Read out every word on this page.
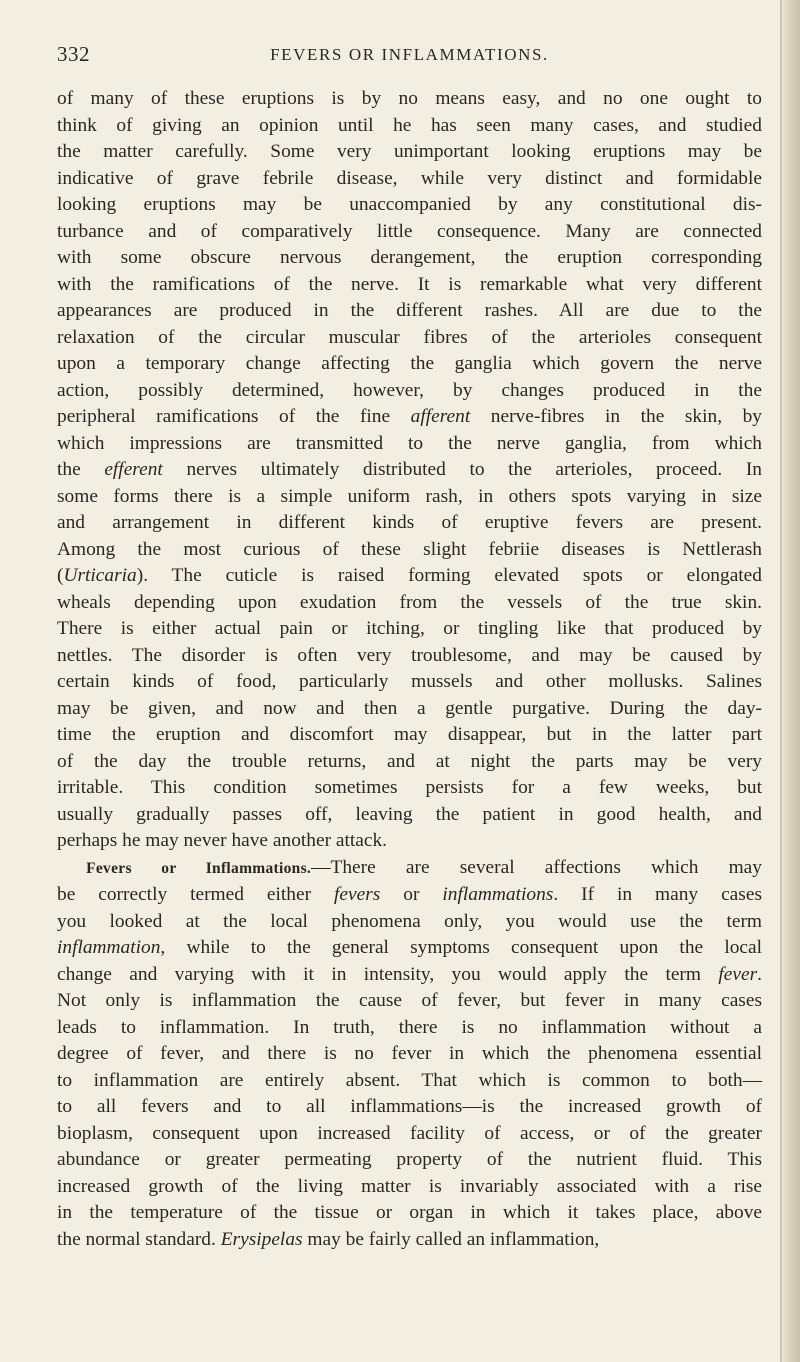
332	FEVERS OR INFLAMMATIONS.
of many of these eruptions is by no means easy, and no one ought to
think of giving an opinion until he has seen many cases, and studied
the matter carefully. Some very unimportant looking eruptions may be
indicative of grave febrile disease, while very distinct and formidable
looking eruptions may be unaccompanied by any constitutional dis-
turbance and of comparatively little consequence. Many are connected
with some obscure nervous derangement, the eruption corresponding
with the ramifications of the nerve. It is remarkable what very different
appearances are produced in the different rashes. All are due to the
relaxation of the circular muscular fibres of the arterioles consequent
upon a temporary change affecting the ganglia which govern the nerve
action, possibly determined, however, by changes produced in the
peripheral ramifications of the fine afferent nerve-fibres in the skin, by
which impressions are transmitted to the nerve ganglia, from which
the efferent nerves ultimately distributed to the arterioles, proceed. In
some forms there is a simple uniform rash, in others spots varying in size
and arrangement in different kinds of eruptive fevers are present.
Among the most curious of these slight febriie diseases is Nettlerash
(Urticaria). The cuticle is raised forming elevated spots or elongated
wheals depending upon exudation from the vessels of the true skin.
There is either actual pain or itching, or tingling like that produced by
nettles. The disorder is often very troublesome, and may be caused by
certain kinds of food, particularly mussels and other mollusks. Salines
may be given, and now and then a gentle purgative. During the day-
time the eruption and discomfort may disappear, but in the latter part
of the day the trouble returns, and at night the parts may be very
irritable. This condition sometimes persists for a few weeks, but
usually gradually passes off, leaving the patient in good health, and
perhaps he may never have another attack.
Fevers or Inflammations.—There are several affections which may
be correctly termed either fevers or inflammations. If in many cases
you looked at the local phenomena only, you would use the term
inflammation, while to the general symptoms consequent upon the local
change and varying with it in intensity, you would apply the term fever.
Not only is inflammation the cause of fever, but fever in many cases
leads to inflammation. In truth, there is no inflammation without a
degree of fever, and there is no fever in which the phenomena essential
to inflammation are entirely absent. That which is common to both—
to all fevers and to all inflammations—is the increased growth of
bioplasm, consequent upon increased facility of access, or of the greater
abundance or greater permeating property of the nutrient fluid. This
increased growth of the living matter is invariably associated with a rise
in the temperature of the tissue or organ in which it takes place, above
the normal standard. Erysipelas may be fairly called an inflammation,
